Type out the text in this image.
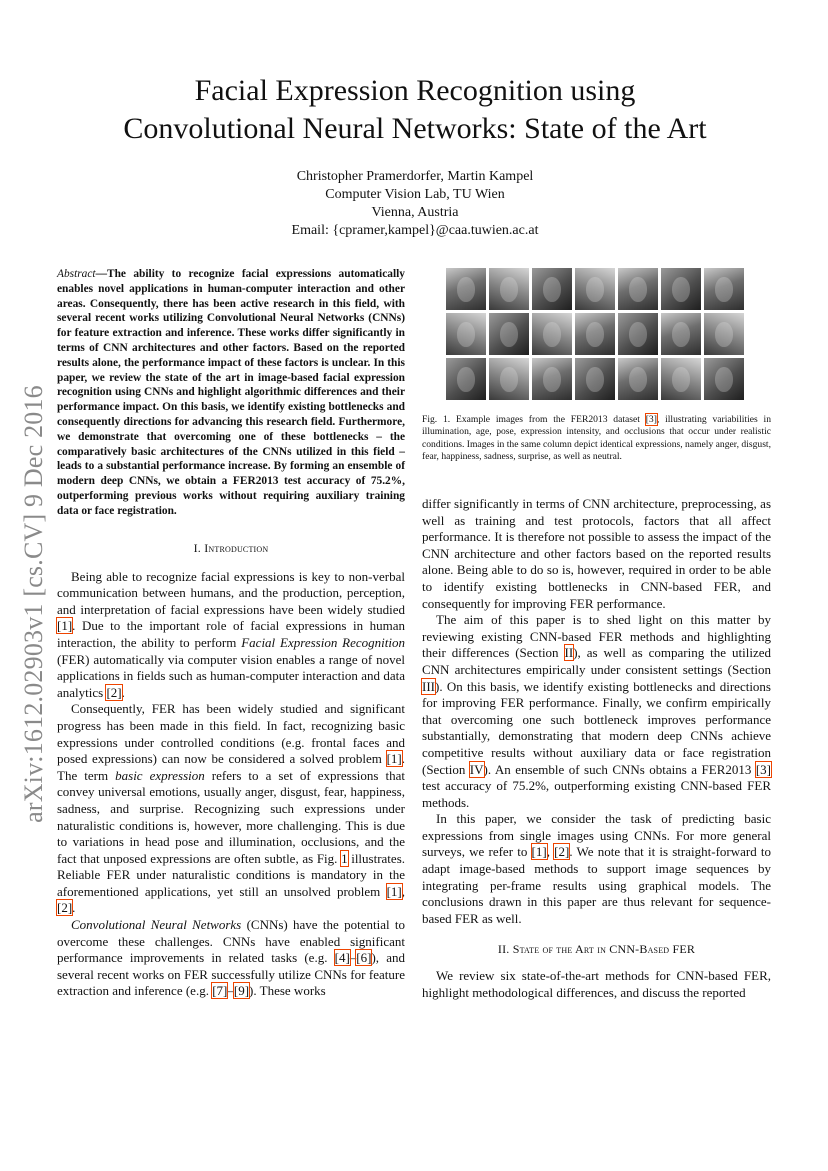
arXiv:1612.02903v1 [cs.CV] 9 Dec 2016
Facial Expression Recognition using
Convolutional Neural Networks: State of the Art
Christopher Pramerdorfer, Martin Kampel
Computer Vision Lab, TU Wien
Vienna, Austria
Email: {cpramer,kampel}@caa.tuwien.ac.at
Abstract—The ability to recognize facial expressions automatically enables novel applications in human-computer interaction and other areas. Consequently, there has been active research in this field, with several recent works utilizing Convolutional Neural Networks (CNNs) for feature extraction and inference. These works differ significantly in terms of CNN architectures and other factors. Based on the reported results alone, the performance impact of these factors is unclear. In this paper, we review the state of the art in image-based facial expression recognition using CNNs and highlight algorithmic differences and their performance impact. On this basis, we identify existing bottlenecks and consequently directions for advancing this research field. Furthermore, we demonstrate that overcoming one of these bottlenecks – the comparatively basic architectures of the CNNs utilized in this field – leads to a substantial performance increase. By forming an ensemble of modern deep CNNs, we obtain a FER2013 test accuracy of 75.2%, outperforming previous works without requiring auxiliary training data or face registration.
I. Introduction

Being able to recognize facial expressions is key to non-verbal communication between humans, and the production, perception, and interpretation of facial expressions have been widely studied [1]. Due to the important role of facial expressions in human interaction, the ability to perform Facial Expression Recognition (FER) automatically via computer vision enables a range of novel applications in fields such as human-computer interaction and data analytics [2].

Consequently, FER has been widely studied and significant progress has been made in this field. In fact, recognizing basic expressions under controlled conditions (e.g. frontal faces and posed expressions) can now be considered a solved problem [1]. The term basic expression refers to a set of expressions that convey universal emotions, usually anger, disgust, fear, happiness, sadness, and surprise. Recognizing such expressions under naturalistic conditions is, however, more challenging. This is due to variations in head pose and illumination, occlusions, and the fact that unposed expressions are often subtle, as Fig. 1 illustrates. Reliable FER under naturalistic conditions is mandatory in the aforementioned applications, yet still an unsolved problem [1], [2].

Convolutional Neural Networks (CNNs) have the potential to overcome these challenges. CNNs have enabled significant performance improvements in related tasks (e.g. [4]–[6]), and several recent works on FER successfully utilize CNNs for feature extraction and inference (e.g. [7]–[9]). These works

Fig. 1. Example images from the FER2013 dataset [3], illustrating variabilities in illumination, age, pose, expression intensity, and occlusions that occur under realistic conditions. Images in the same column depict identical expressions, namely anger, disgust, fear, happiness, sadness, surprise, as well as neutral.

differ significantly in terms of CNN architecture, preprocessing, as well as training and test protocols, factors that all affect performance. It is therefore not possible to assess the impact of the CNN architecture and other factors based on the reported results alone. Being able to do so is, however, required in order to be able to identify existing bottlenecks in CNN-based FER, and consequently for improving FER performance.

The aim of this paper is to shed light on this matter by reviewing existing CNN-based FER methods and highlighting their differences (Section II), as well as comparing the utilized CNN architectures empirically under consistent settings (Section III). On this basis, we identify existing bottlenecks and directions for improving FER performance. Finally, we confirm empirically that overcoming one such bottleneck improves performance substantially, demonstrating that modern deep CNNs achieve competitive results without auxiliary data or face registration (Section IV). An ensemble of such CNNs obtains a FER2013 [3] test accuracy of 75.2%, outperforming existing CNN-based FER methods.

In this paper, we consider the task of predicting basic expressions from single images using CNNs. For more general surveys, we refer to [1], [2]. We note that it is straight-forward to adapt image-based methods to support image sequences by integrating per-frame results using graphical models. The conclusions drawn in this paper are thus relevant for sequence-based FER as well.

II. State of the Art in CNN-Based FER

We review six state-of-the-art methods for CNN-based FER, highlight methodological differences, and discuss the reported
